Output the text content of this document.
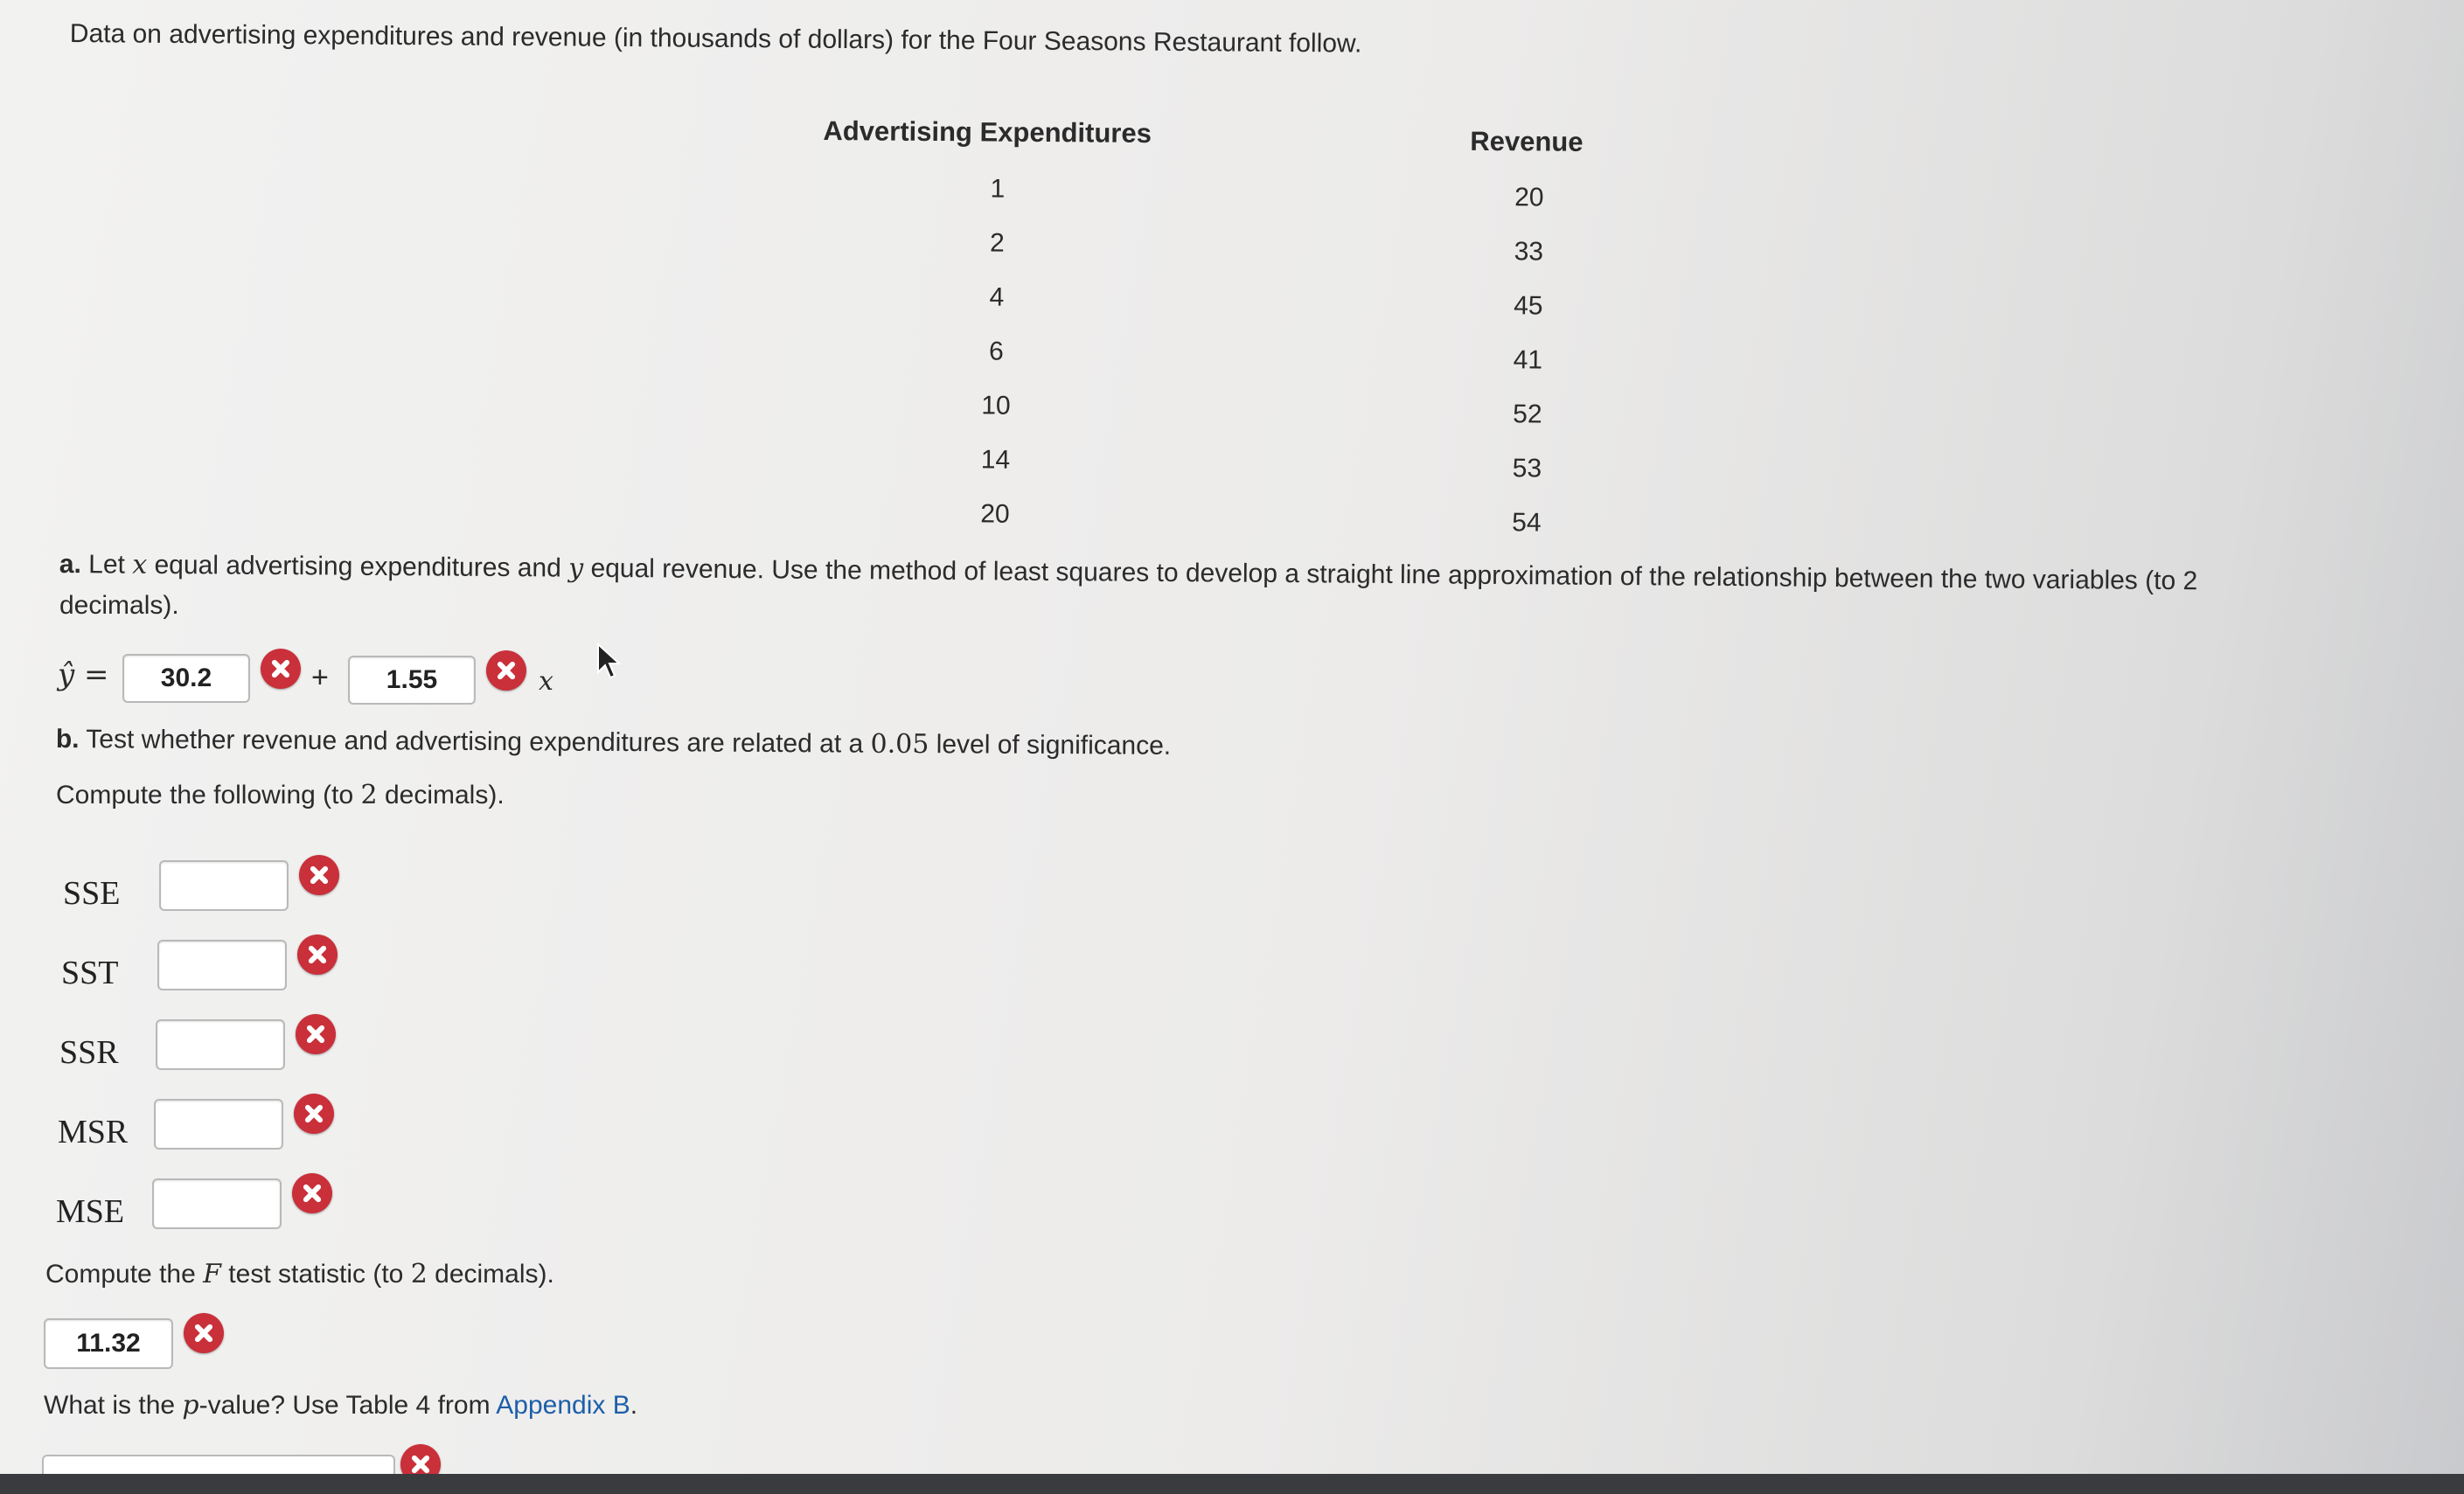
Data on advertising expenditures and revenue (in thousands of dollars) for the Four Seasons Restaurant follow.
Advertising Expenditures	Revenue
1	20
2	33
4	45
6	41
10	52
14	53
20	54
a. Let x equal advertising expenditures and y equal revenue. Use the method of least squares to develop a straight line approximation of the relationship between the two variables (to 2
decimals).
ŷ =	30.2	+	1.55	x
b. Test whether revenue and advertising expenditures are related at a 0.05 level of significance.
Compute the following (to 2 decimals).
SSE
SST
SSR
MSR
MSE
Compute the F test statistic (to 2 decimals).
11.32
What is the p-value? Use Table 4 from Appendix B.
